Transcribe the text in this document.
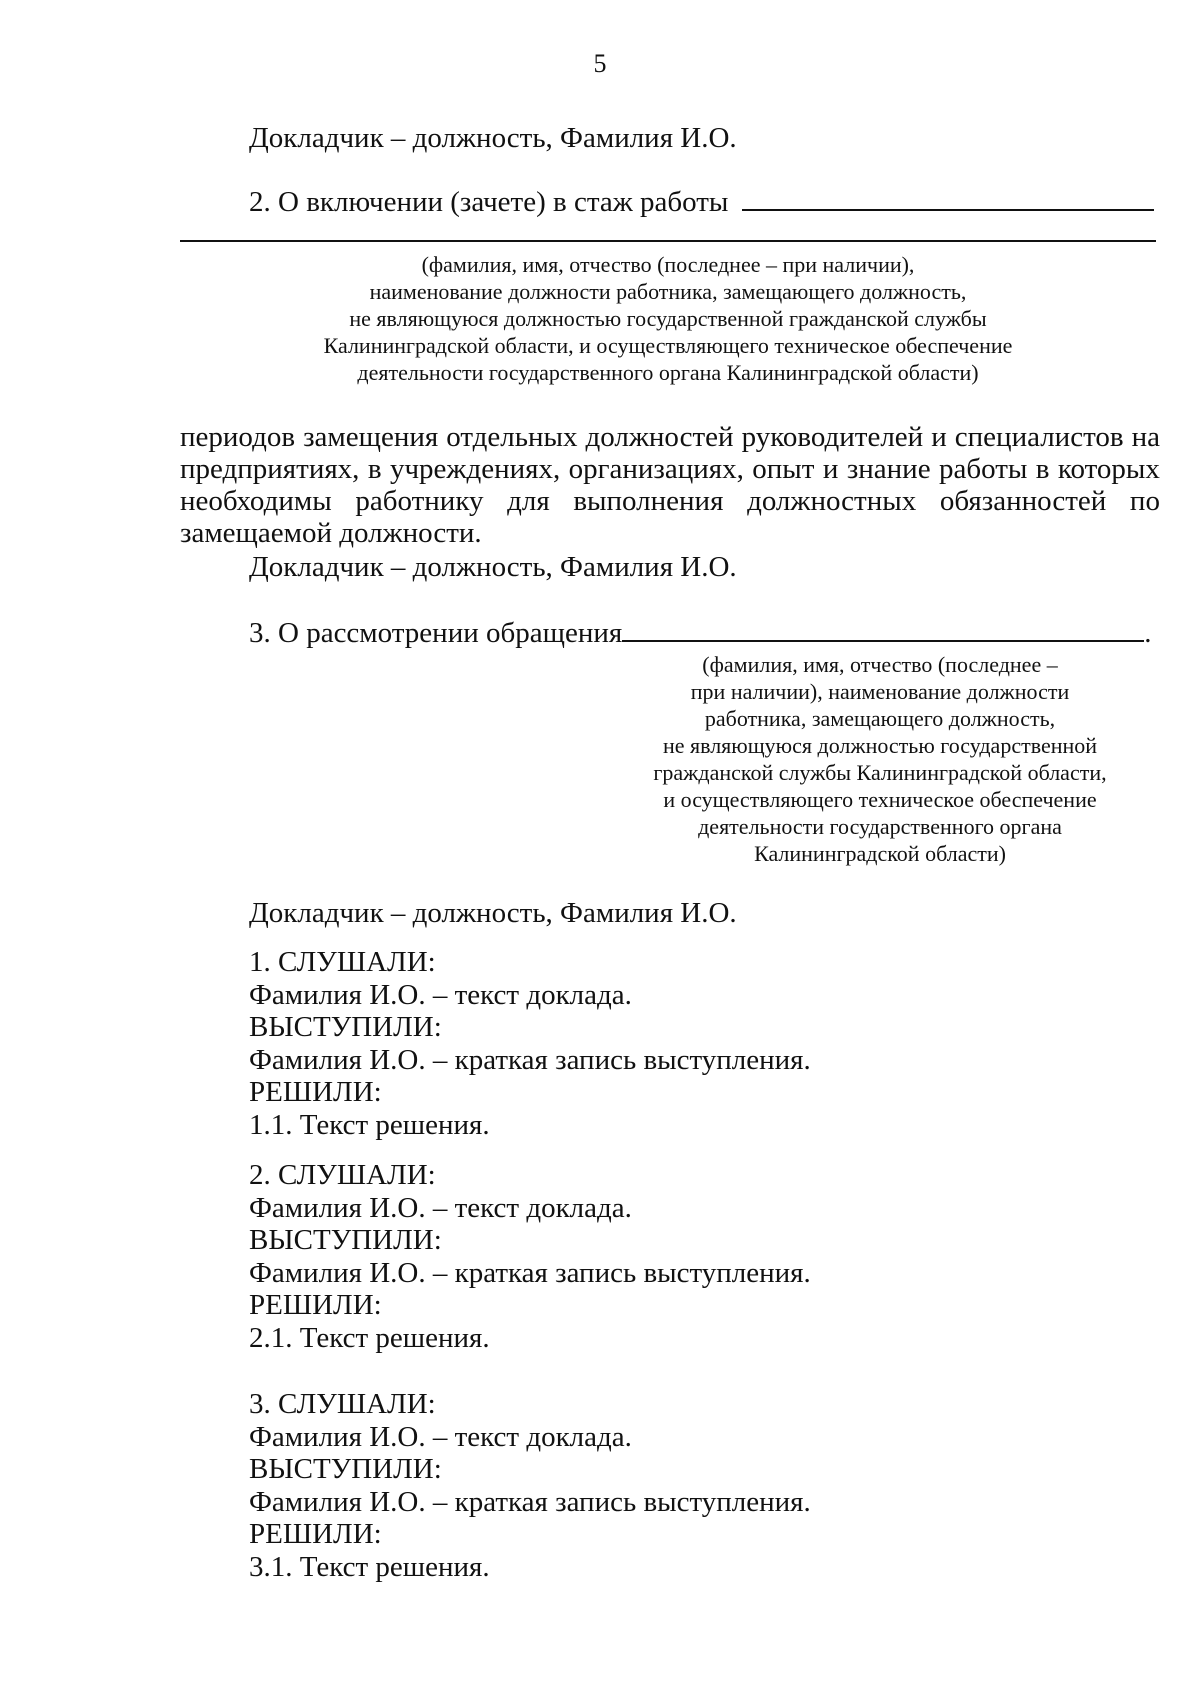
5
Докладчик – должность, Фамилия И.О.
2. О включении (зачете) в стаж работы
(фамилия, имя, отчество (последнее – при наличии),
наименование должности работника, замещающего должность,
не являющуюся должностью государственной гражданской службы
Калининградской области, и осуществляющего техническое обеспечение
деятельности государственного органа Калининградской области)
периодов замещения отдельных должностей руководителей и специалистов на
предприятиях, в учреждениях, организациях, опыт и знание работы в которых
необходимы работнику для выполнения должностных обязанностей по
замещаемой должности.
Докладчик – должность, Фамилия И.О.
3. О рассмотрении обращения	.
(фамилия, имя, отчество (последнее –
при наличии), наименование должности
работника, замещающего должность,
не являющуюся должностью государственной
гражданской службы Калининградской области,
и осуществляющего техническое обеспечение
деятельности государственного органа
Калининградской области)
Докладчик – должность, Фамилия И.О.
1. СЛУШАЛИ:
Фамилия И.О. – текст доклада.
ВЫСТУПИЛИ:
Фамилия И.О. – краткая запись выступления.
РЕШИЛИ:
1.1. Текст решения.
2. СЛУШАЛИ:
Фамилия И.О. – текст доклада.
ВЫСТУПИЛИ:
Фамилия И.О. – краткая запись выступления.
РЕШИЛИ:
2.1. Текст решения.
3. СЛУШАЛИ:
Фамилия И.О. – текст доклада.
ВЫСТУПИЛИ:
Фамилия И.О. – краткая запись выступления.
РЕШИЛИ:
3.1. Текст решения.
